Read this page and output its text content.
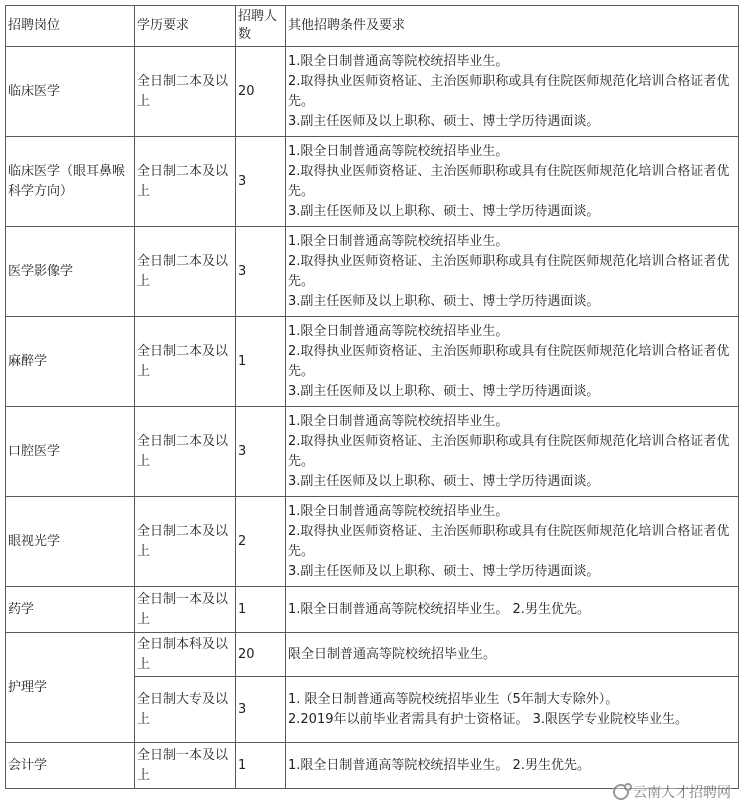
招聘岗位	学历要求	招聘人数	其他招聘条件及要求
临床医学	全日制二本及以上	20	1.限全日制普通高等院校统招毕业生。
2.取得执业医师资格证、主治医师职称或具有住院医师规范化培训合格证者优先。
3.副主任医师及以上职称、硕士、博士学历待遇面谈。

临床医学（眼耳鼻喉科学方向）	全日制二本及以上	3	1.限全日制普通高等院校统招毕业生。
2.取得执业医师资格证、主治医师职称或具有住院医师规范化培训合格证者优先。
3.副主任医师及以上职称、硕士、博士学历待遇面谈。

医学影像学	全日制二本及以上	3	1.限全日制普通高等院校统招毕业生。
2.取得执业医师资格证、主治医师职称或具有住院医师规范化培训合格证者优先。
3.副主任医师及以上职称、硕士、博士学历待遇面谈。

麻醉学	全日制二本及以上	1	1.限全日制普通高等院校统招毕业生。
2.取得执业医师资格证、主治医师职称或具有住院医师规范化培训合格证者优先。
3.副主任医师及以上职称、硕士、博士学历待遇面谈。

口腔医学	全日制二本及以上	3	1.限全日制普通高等院校统招毕业生。
2.取得执业医师资格证、主治医师职称或具有住院医师规范化培训合格证者优先。
3.副主任医师及以上职称、硕士、博士学历待遇面谈。

眼视光学	全日制二本及以上	2	1.限全日制普通高等院校统招毕业生。
2.取得执业医师资格证、主治医师职称或具有住院医师规范化培训合格证者优先。
3.副主任医师及以上职称、硕士、博士学历待遇面谈。

药学	全日制一本及以上	1	1.限全日制普通高等院校统招毕业生。 2.男生优先。

护理学	全日制本科及以上	20	限全日制普通高等院校统招毕业生。

	全日制大专及以上	3	1. 限全日制普通高等院校统招毕业生（5年制大专除外）。
2.2019年以前毕业者需具有护士资格证。 3.限医学专业院校毕业生。

会计学	全日制一本及以上	1	1.限全日制普通高等院校统招毕业生。 2.男生优先。
云南人才招聘网
